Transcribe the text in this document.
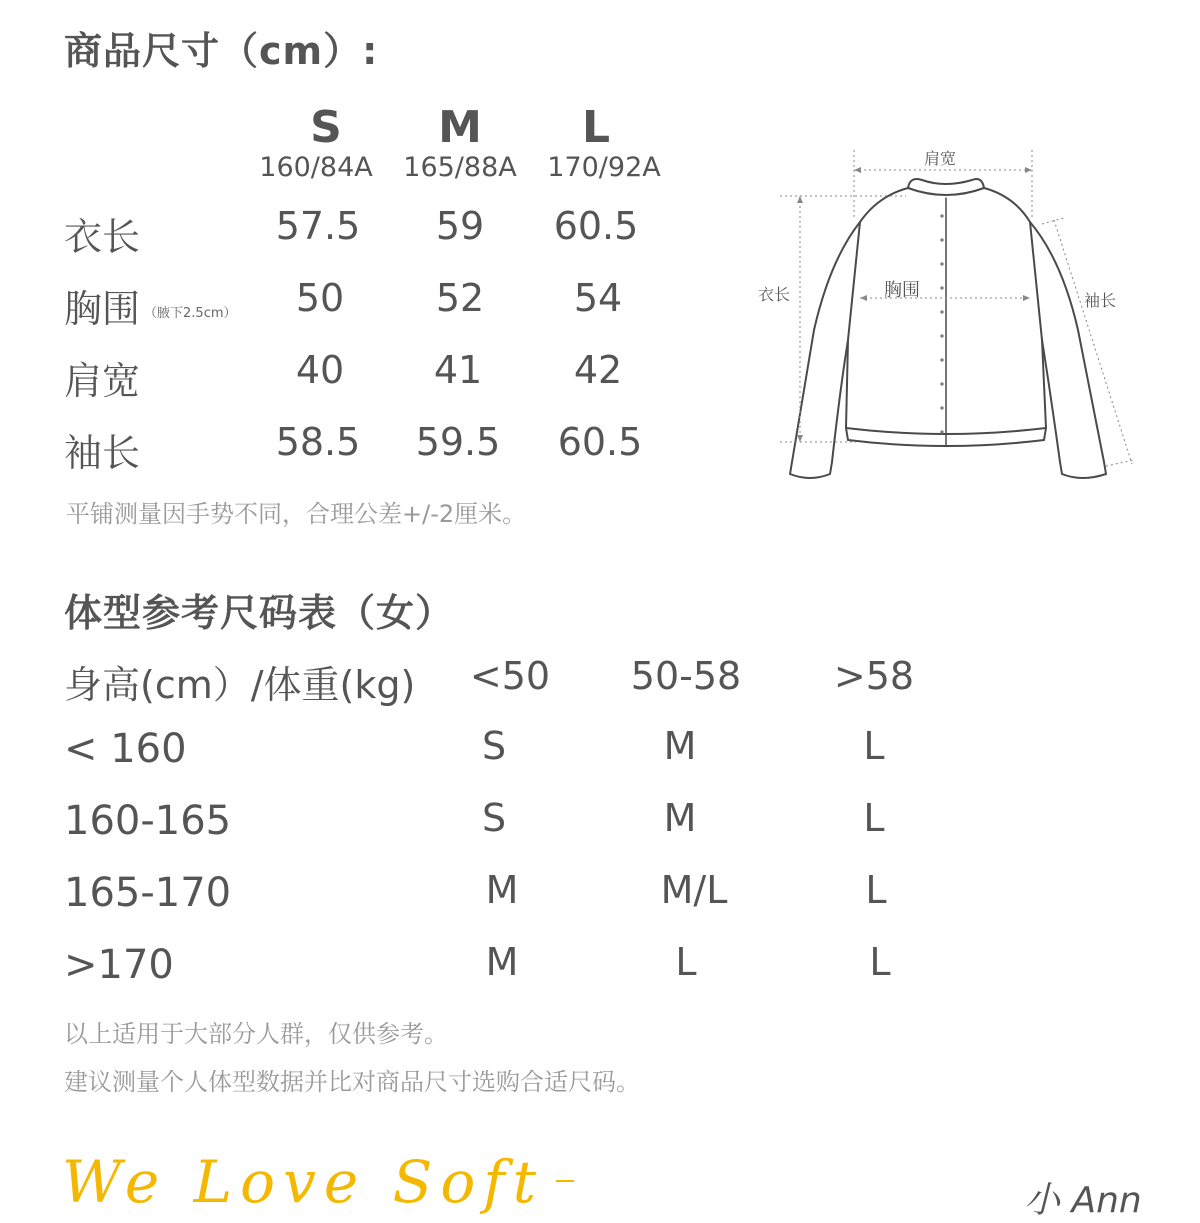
商品尺寸（cm）:
S	M	L
160/84A	165/88A	170/92A
衣长	57.5	59	60.5
胸围 （腋下2.5cm）	50	52	54
肩宽	40	41	42
袖长	58.5	59.5	60.5
平铺测量因手势不同，合理公差+/-2厘米。
肩宽
衣长	胸围	袖长
体型参考尺码表（女）
身高(cm）/体重(kg)	<50	50-58	>58
< 160	S	M	L
160-165	S	M	L
165-170	M	M/L	L
>170	M	L	L
以上适用于大部分人群，仅供参考。
建议测量个人体型数据并比对商品尺寸选购合适尺码。
We Love Soft	小 Ann
